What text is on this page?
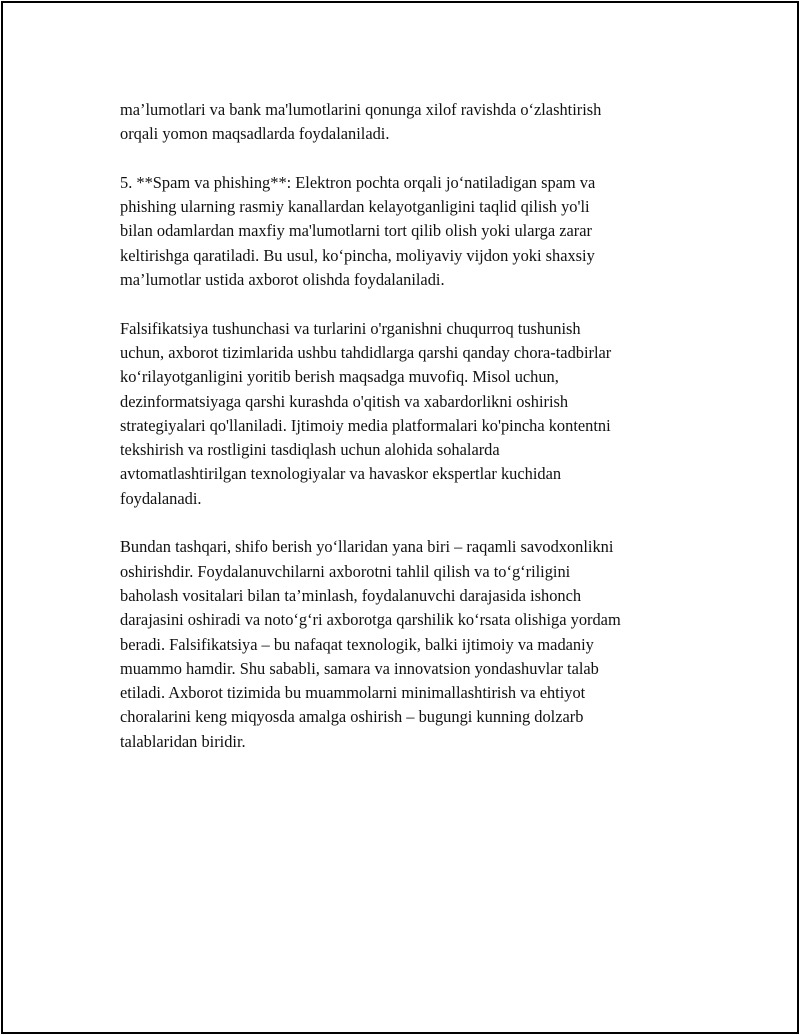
ma’lumotlari va bank ma'lumotlarini qonunga xilof ravishda o‘zlashtirish
orqali yomon maqsadlarda foydalaniladi.

5. **Spam va phishing**: Elektron pochta orqali jo‘natiladigan spam va
phishing ularning rasmiy kanallardan kelayotganligini taqlid qilish yo'li
bilan odamlardan maxfiy ma'lumotlarni tort qilib olish yoki ularga zarar
keltirishga qaratiladi. Bu usul, ko‘pincha, moliyaviy vijdon yoki shaxsiy
ma’lumotlar ustida axborot olishda foydalaniladi.

Falsifikatsiya tushunchasi va turlarini o'rganishni chuqurroq tushunish
uchun, axborot tizimlarida ushbu tahdidlarga qarshi qanday chora-tadbirlar
ko‘rilayotganligini yoritib berish maqsadga muvofiq. Misol uchun,
dezinformatsiyaga qarshi kurashda o'qitish va xabardorlikni oshirish
strategiyalari qo'llaniladi. Ijtimoiy media platformalari ko'pincha kontentni
tekshirish va rostligini tasdiqlash uchun alohida sohalarda
avtomatlashtirilgan texnologiyalar va havaskor ekspertlar kuchidan
foydalanadi.

Bundan tashqari, shifo berish yo‘llaridan yana biri – raqamli savodxonlikni
oshirishdir. Foydalanuvchilarni axborotni tahlil qilish va to‘g‘riligini
baholash vositalari bilan ta’minlash, foydalanuvchi darajasida ishonch
darajasini oshiradi va noto‘g‘ri axborotga qarshilik ko‘rsata olishiga yordam
beradi. Falsifikatsiya – bu nafaqat texnologik, balki ijtimoiy va madaniy
muammo hamdir. Shu sababli, samara va innovatsion yondashuvlar talab
etiladi. Axborot tizimida bu muammolarni minimallashtirish va ehtiyot
choralarini keng miqyosda amalga oshirish – bugungi kunning dolzarb
talablaridan biridir.
